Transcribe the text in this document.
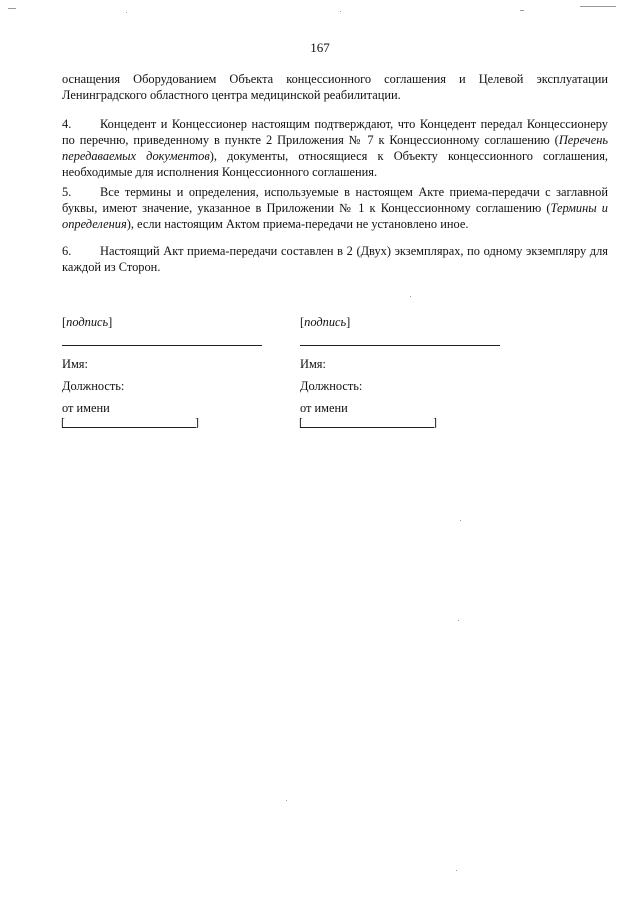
167
оснащения Оборудованием Объекта концессионного соглашения и Целевой эксплуатации Ленинградского областного центра медицинской реабилитации.
4. Концедент и Концессионер настоящим подтверждают, что Концедент передал Концессионеру по перечню, приведенному в пункте 2 Приложения № 7 к Концессионному соглашению (Перечень передаваемых документов), документы, относящиеся к Объекту концессионного соглашения, необходимые для исполнения Концессионного соглашения.
5. Все термины и определения, используемые в настоящем Акте приема-передачи с заглавной буквы, имеют значение, указанное в Приложении № 1 к Концессионному соглашению (Термины и определения), если настоящим Актом приема-передачи не установлено иное.
6. Настоящий Акт приема-передачи составлен в 2 (Двух) экземплярах, по одному экземпляру для каждой из Сторон.
[подпись]
Имя:
Должность:
от имени
[	]
[подпись]
Имя:
Должность:
от имени
[	]
